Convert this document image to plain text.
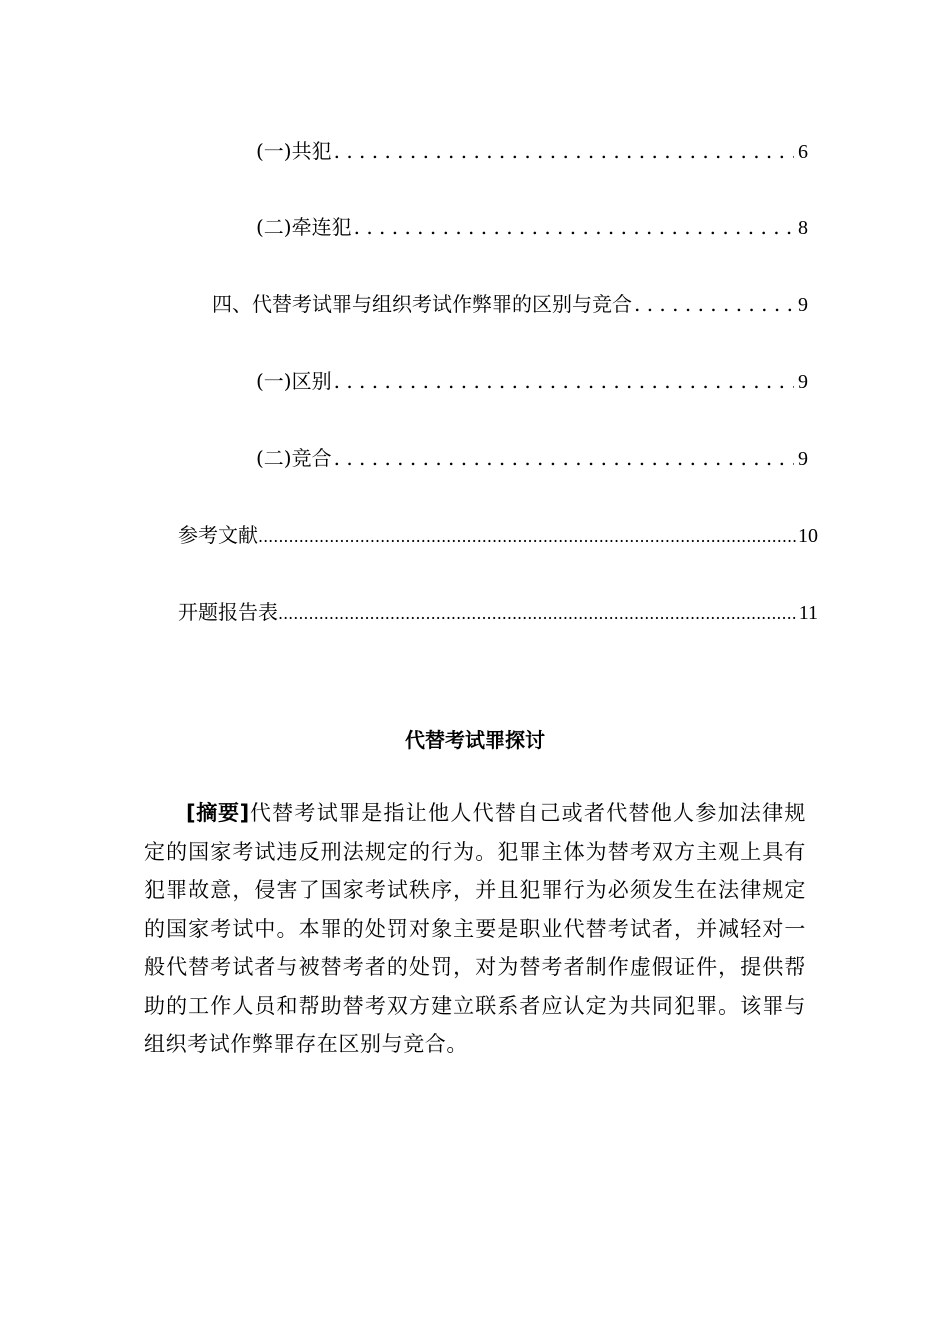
(一)共犯 . . .	6
(二)牵连犯 . . .	8
四、代替考试罪与组织考试作弊罪的区别与竞合 . . .	9
(一)区别 . . .	9
(二)竞合 . . .	9
参考文献 .....	10
开题报告表 .....	11
代替考试罪探讨

[摘要]代替考试罪是指让他人代替自己或者代替他人参加法律规定的国家考试违反刑法规定的行为。犯罪主体为替考双方主观上具有犯罪故意，侵害了国家考试秩序，并且犯罪行为必须发生在法律规定的国家考试中。本罪的处罚对象主要是职业代替考试者，并减轻对一般代替考试者与被替考者的处罚，对为替考者制作虚假证件，提供帮助的工作人员和帮助替考双方建立联系者应认定为共同犯罪。该罪与组织考试作弊罪存在区别与竞合。
